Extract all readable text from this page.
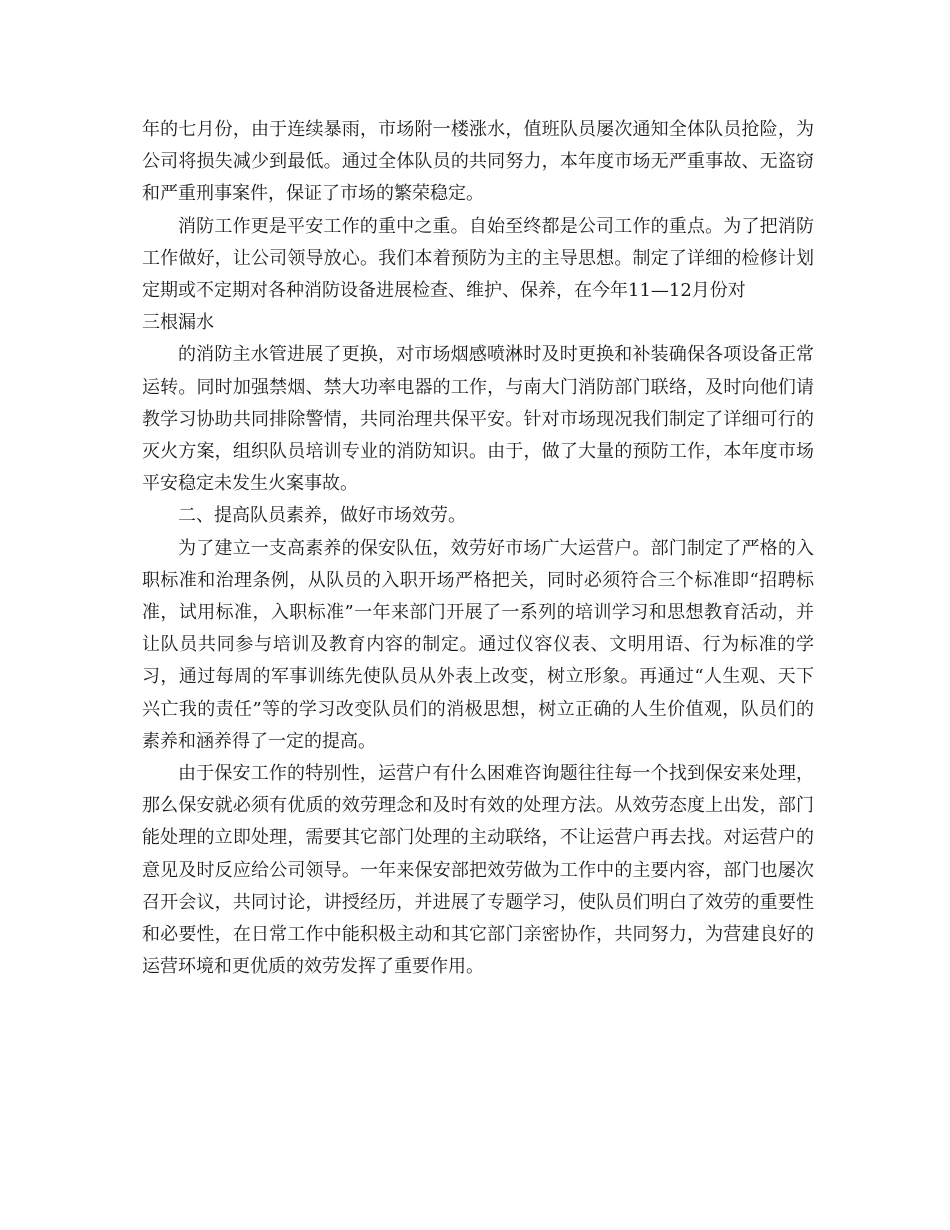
年的七月份，由于连续暴雨，市场附一楼涨水，值班队员屡次通知全体队员抢险，为公司将损失减少到最低。通过全体队员的共同努力，本年度市场无严重事故、无盗窃和严重刑事案件，保证了市场的繁荣稳定。

消防工作更是平安工作的重中之重。自始至终都是公司工作的重点。为了把消防工作做好，让公司领导放心。我们本着预防为主的主导思想。制定了详细的检修计划定期或不定期对各种消防设备进展检查、维护、保养，在今年11—12月份对

三根漏水

的消防主水管进展了更换，对市场烟感喷淋时及时更换和补装确保各项设备正常运转。同时加强禁烟、禁大功率电器的工作，与南大门消防部门联络，及时向他们请教学习协助共同排除警情，共同治理共保平安。针对市场现况我们制定了详细可行的灭火方案，组织队员培训专业的消防知识。由于，做了大量的预防工作，本年度市场平安稳定未发生火案事故。

二、提高队员素养，做好市场效劳。

为了建立一支高素养的保安队伍，效劳好市场广大运营户。部门制定了严格的入职标准和治理条例，从队员的入职开场严格把关，同时必须符合三个标准即“招聘标准，试用标准，入职标准”一年来部门开展了一系列的培训学习和思想教育活动，并让队员共同参与培训及教育内容的制定。通过仪容仪表、文明用语、行为标准的学习，通过每周的军事训练先使队员从外表上改变，树立形象。再通过“人生观、天下兴亡我的责任”等的学习改变队员们的消极思想，树立正确的人生价值观，队员们的素养和涵养得了一定的提高。

由于保安工作的特别性，运营户有什么困难咨询题往往每一个找到保安来处理，那么保安就必须有优质的效劳理念和及时有效的处理方法。从效劳态度上出发，部门能处理的立即处理，需要其它部门处理的主动联络，不让运营户再去找。对运营户的意见及时反应给公司领导。一年来保安部把效劳做为工作中的主要内容，部门也屡次召开会议，共同讨论，讲授经历，并进展了专题学习，使队员们明白了效劳的重要性和必要性，在日常工作中能积极主动和其它部门亲密协作，共同努力，为营建良好的运营环境和更优质的效劳发挥了重要作用。
